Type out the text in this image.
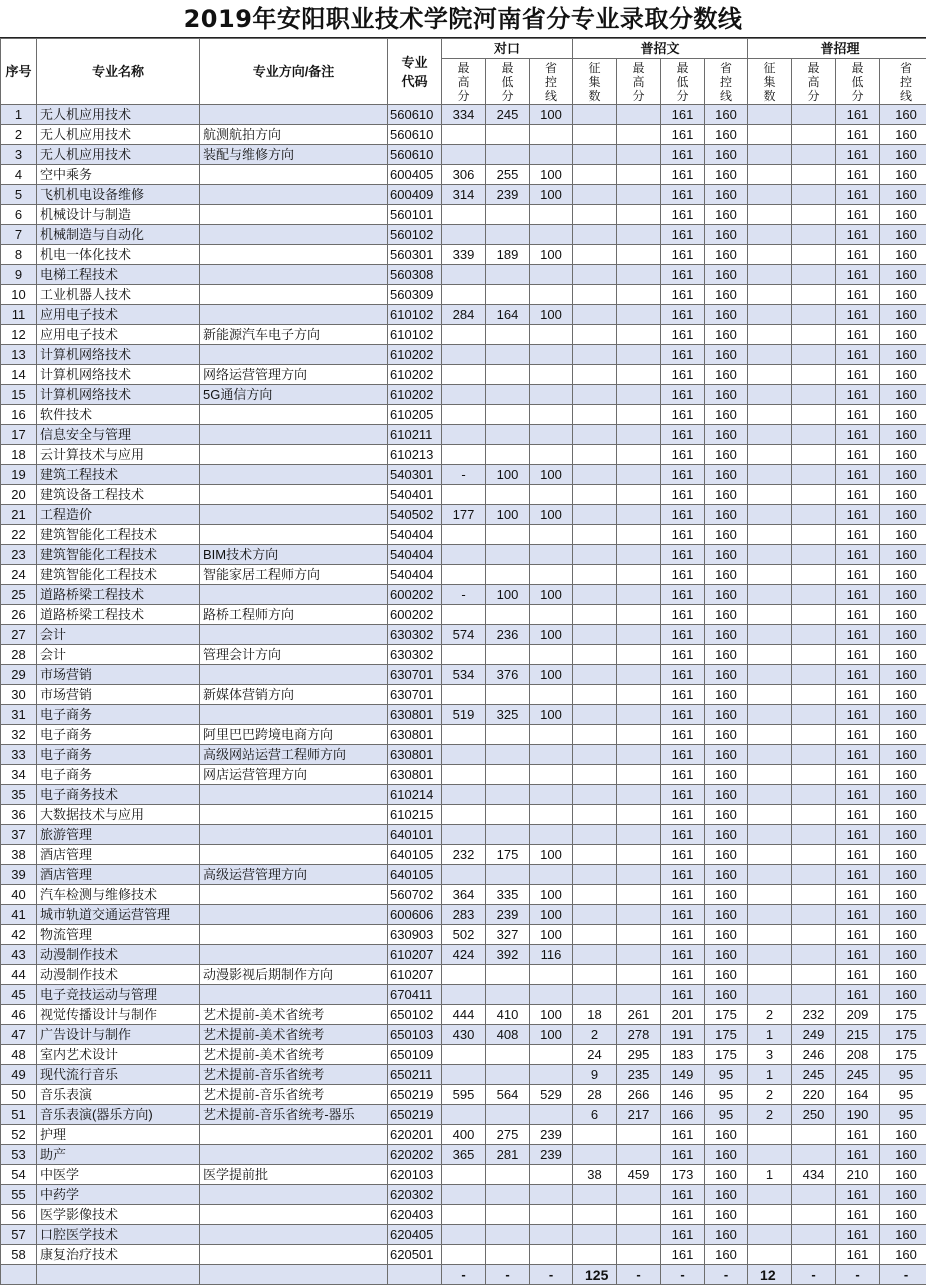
2019年安阳职业技术学院河南省分专业录取分数线
序号	专业名称	专业方向/备注	专业代码	对口			普招文				普招理			
				最高分	最低分	省控线	征集数	最高分	最低分	省控线	征集数	最高分	最低分	省控线
1	无人机应用技术		560610	334	245	100			161	160			161	160
2	无人机应用技术	航测航拍方向	560610						161	160			161	160
3	无人机应用技术	装配与维修方向	560610						161	160			161	160
4	空中乘务		600405	306	255	100			161	160			161	160
5	飞机机电设备维修		600409	314	239	100			161	160			161	160
6	机械设计与制造		560101						161	160			161	160
7	机械制造与自动化		560102						161	160			161	160
8	机电一体化技术		560301	339	189	100			161	160			161	160
9	电梯工程技术		560308						161	160			161	160
10	工业机器人技术		560309						161	160			161	160
11	应用电子技术		610102	284	164	100			161	160			161	160
12	应用电子技术	新能源汽车电子方向	610102						161	160			161	160
13	计算机网络技术		610202						161	160			161	160
14	计算机网络技术	网络运营管理方向	610202						161	160			161	160
15	计算机网络技术	5G通信方向	610202						161	160			161	160
16	软件技术		610205						161	160			161	160
17	信息安全与管理		610211						161	160			161	160
18	云计算技术与应用		610213						161	160			161	160
19	建筑工程技术		540301	-	100	100			161	160			161	160
20	建筑设备工程技术		540401						161	160			161	160
21	工程造价		540502	177	100	100			161	160			161	160
22	建筑智能化工程技术		540404						161	160			161	160
23	建筑智能化工程技术	BIM技术方向	540404						161	160			161	160
24	建筑智能化工程技术	智能家居工程师方向	540404						161	160			161	160
25	道路桥梁工程技术		600202	-	100	100			161	160			161	160
26	道路桥梁工程技术	路桥工程师方向	600202						161	160			161	160
27	会计		630302	574	236	100			161	160			161	160
28	会计	管理会计方向	630302						161	160			161	160
29	市场营销		630701	534	376	100			161	160			161	160
30	市场营销	新媒体营销方向	630701						161	160			161	160
31	电子商务		630801	519	325	100			161	160			161	160
32	电子商务	阿里巴巴跨境电商方向	630801						161	160			161	160
33	电子商务	高级网站运营工程师方向	630801						161	160			161	160
34	电子商务	网店运营管理方向	630801						161	160			161	160
35	电子商务技术		610214						161	160			161	160
36	大数据技术与应用		610215						161	160			161	160
37	旅游管理		640101						161	160			161	160
38	酒店管理		640105	232	175	100			161	160			161	160
39	酒店管理	高级运营管理方向	640105						161	160			161	160
40	汽车检测与维修技术		560702	364	335	100			161	160			161	160
41	城市轨道交通运营管理		600606	283	239	100			161	160			161	160
42	物流管理		630903	502	327	100			161	160			161	160
43	动漫制作技术		610207	424	392	116			161	160			161	160
44	动漫制作技术	动漫影视后期制作方向	610207						161	160			161	160
45	电子竞技运动与管理		670411						161	160			161	160
46	视觉传播设计与制作	艺术提前-美术省统考	650102	444	410	100	18	261	201	175	2	232	209	175
47	广告设计与制作	艺术提前-美术省统考	650103	430	408	100	2	278	191	175	1	249	215	175
48	室内艺术设计	艺术提前-美术省统考	650109				24	295	183	175	3	246	208	175
49	现代流行音乐	艺术提前-音乐省统考	650211				9	235	149	95	1	245	245	95
50	音乐表演	艺术提前-音乐省统考	650219	595	564	529	28	266	146	95	2	220	164	95
51	音乐表演(器乐方向)	艺术提前-音乐省统考-器乐	650219				6	217	166	95	2	250	190	95
52	护理		620201	400	275	239			161	160			161	160
53	助产		620202	365	281	239			161	160			161	160
54	中医学	医学提前批	620103				38	459	173	160	1	434	210	160
55	中药学		620302						161	160			161	160
56	医学影像技术		620403						161	160			161	160
57	口腔医学技术		620405						161	160			161	160
58	康复治疗技术		620501						161	160			161	160
				-	-	-	125	-	-	-	12	-	-	-
